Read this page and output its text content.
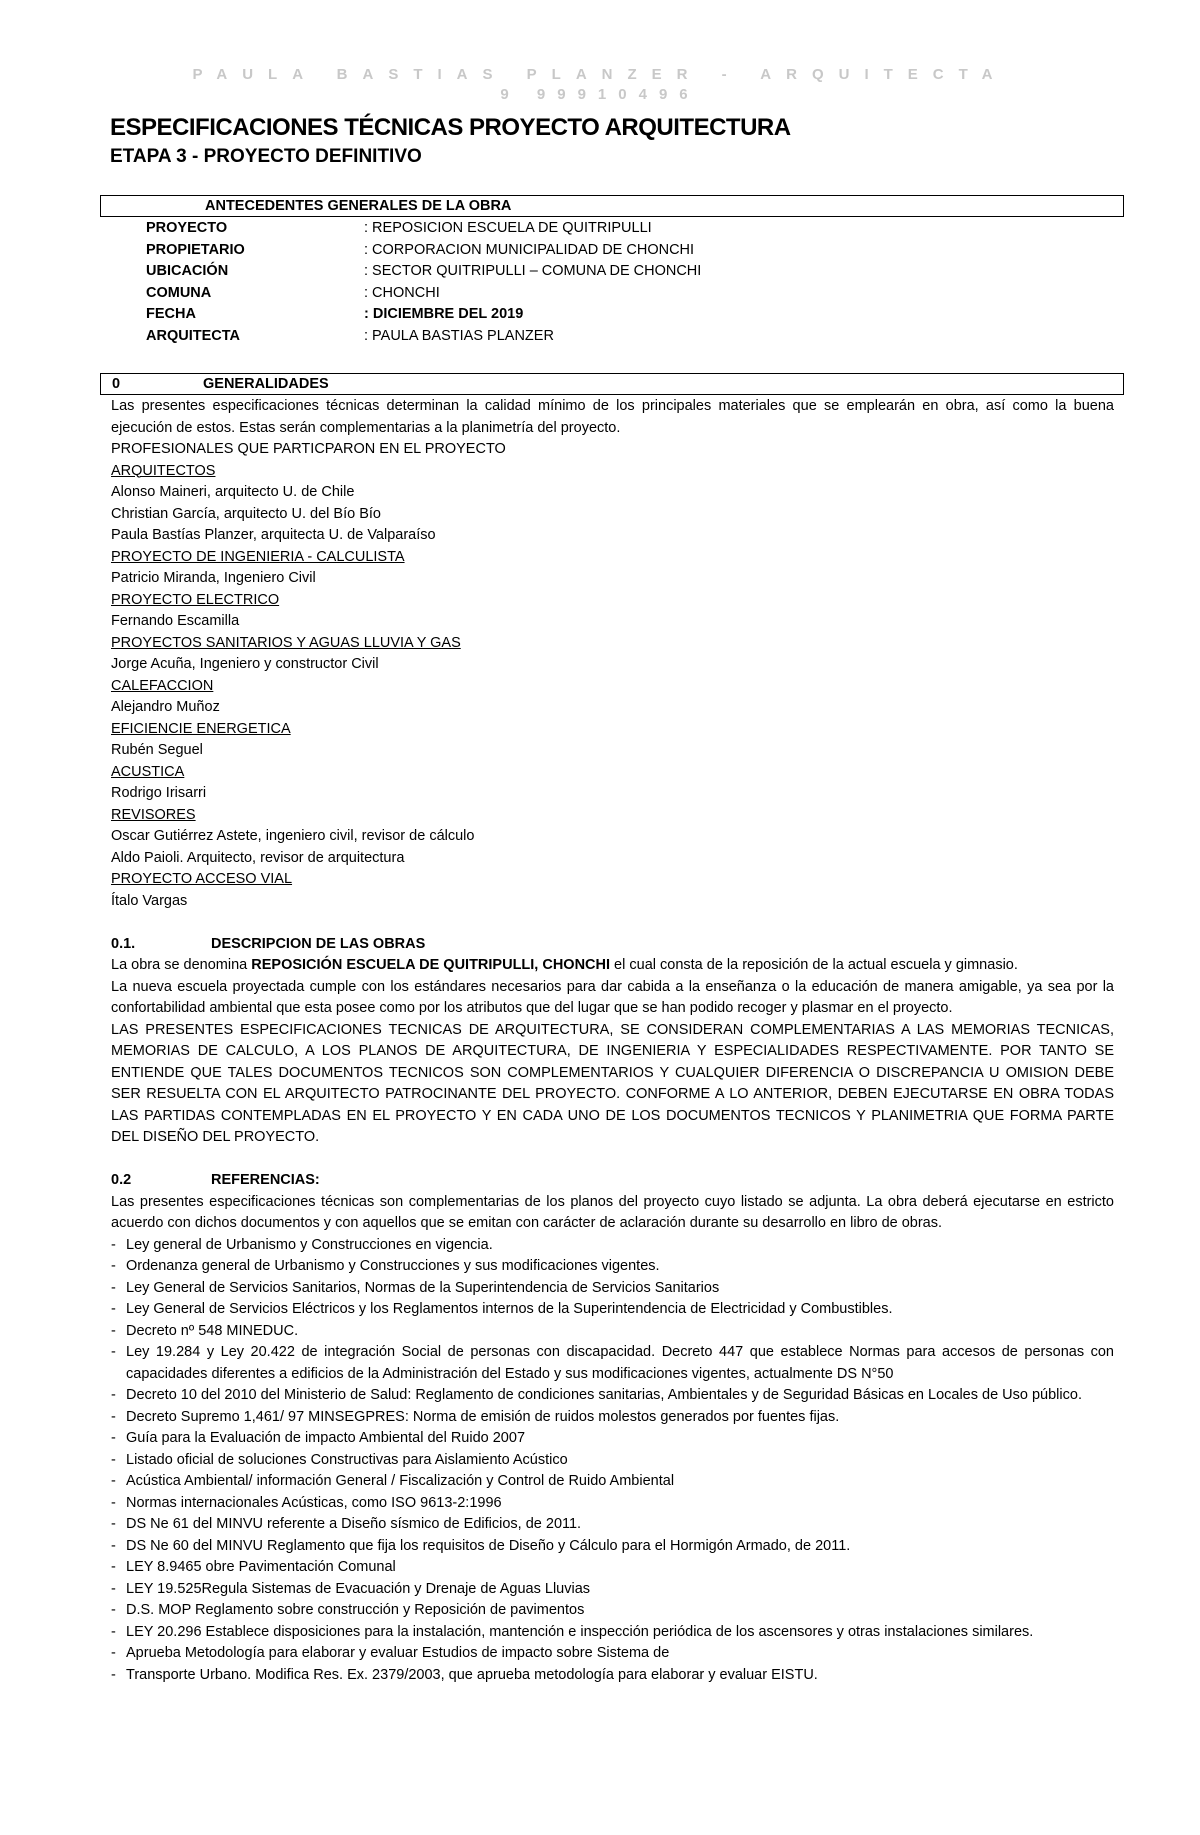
PAULA BASTIAS PLANZER - ARQUITECTA
9 99910496
ESPECIFICACIONES TÉCNICAS PROYECTO ARQUITECTURA
ETAPA 3 - PROYECTO DEFINITIVO
ANTECEDENTES GENERALES DE LA OBRA
PROYECTO	: REPOSICION ESCUELA DE QUITRIPULLI
PROPIETARIO	: CORPORACION MUNICIPALIDAD DE CHONCHI
UBICACIÓN	: SECTOR QUITRIPULLI – COMUNA DE CHONCHI
COMUNA	: CHONCHI
FECHA	: DICIEMBRE DEL 2019
ARQUITECTA	: PAULA BASTIAS PLANZER
0	GENERALIDADES
Las presentes especificaciones técnicas determinan la calidad mínimo de los principales materiales que se emplearán en obra, así como la buena ejecución de estos. Estas serán complementarias a la planimetría del proyecto.
PROFESIONALES QUE PARTICPARON EN EL PROYECTO
ARQUITECTOS
Alonso Maineri, arquitecto U. de Chile
Christian García, arquitecto U. del Bío Bío
Paula Bastías Planzer, arquitecta U. de Valparaíso
PROYECTO DE INGENIERIA - CALCULISTA
Patricio Miranda, Ingeniero Civil
PROYECTO ELECTRICO
Fernando Escamilla
PROYECTOS SANITARIOS Y AGUAS LLUVIA Y GAS
Jorge Acuña, Ingeniero y constructor Civil
CALEFACCION
Alejandro Muñoz
EFICIENCIE ENERGETICA
Rubén Seguel
ACUSTICA
Rodrigo Irisarri
REVISORES
Oscar Gutiérrez Astete, ingeniero civil, revisor de cálculo
Aldo Paioli. Arquitecto, revisor de arquitectura
PROYECTO ACCESO VIAL
Ítalo Vargas
0.1.	DESCRIPCION DE LAS OBRAS
La obra se denomina REPOSICIÓN ESCUELA DE QUITRIPULLI, CHONCHI el cual consta de la reposición de la actual escuela y gimnasio.
La nueva escuela proyectada cumple con los estándares necesarios para dar cabida a la enseñanza o la educación de manera amigable, ya sea por la confortabilidad ambiental que esta posee como por los atributos que del lugar que se han podido recoger y plasmar en el proyecto.
LAS PRESENTES ESPECIFICACIONES TECNICAS DE ARQUITECTURA, SE CONSIDERAN COMPLEMENTARIAS A LAS MEMORIAS TECNICAS, MEMORIAS DE CALCULO, A LOS PLANOS DE ARQUITECTURA, DE INGENIERIA Y ESPECIALIDADES RESPECTIVAMENTE. POR TANTO SE ENTIENDE QUE TALES DOCUMENTOS TECNICOS SON COMPLEMENTARIOS Y CUALQUIER DIFERENCIA O DISCREPANCIA U OMISION DEBE SER RESUELTA CON EL ARQUITECTO PATROCINANTE DEL PROYECTO. CONFORME A LO ANTERIOR, DEBEN EJECUTARSE EN OBRA TODAS LAS PARTIDAS CONTEMPLADAS EN EL PROYECTO Y EN CADA UNO DE LOS DOCUMENTOS TECNICOS Y PLANIMETRIA QUE FORMA PARTE DEL DISEÑO DEL PROYECTO.
0.2	REFERENCIAS:
Las presentes especificaciones técnicas son complementarias de los planos del proyecto cuyo listado se adjunta. La obra deberá ejecutarse en estricto acuerdo con dichos documentos y con aquellos que se emitan con carácter de aclaración durante su desarrollo en libro de obras.
- Ley general de Urbanismo y Construcciones en vigencia.
- Ordenanza general de Urbanismo y Construcciones y sus modificaciones vigentes.
- Ley General de Servicios Sanitarios, Normas de la Superintendencia de Servicios Sanitarios
- Ley General de Servicios Eléctricos y los Reglamentos internos de la Superintendencia de Electricidad y Combustibles.
- Decreto nº 548 MINEDUC.
- Ley 19.284 y Ley 20.422 de integración Social de personas con discapacidad. Decreto 447 que establece Normas para accesos de personas con capacidades diferentes a edificios de la Administración del Estado y sus modificaciones vigentes, actualmente DS N°50
- Decreto 10 del 2010 del Ministerio de Salud: Reglamento de condiciones sanitarias, Ambientales y de Seguridad Básicas en Locales de Uso público.
- Decreto Supremo 1,461/ 97 MINSEGPRES: Norma de emisión de ruidos molestos generados por fuentes fijas.
- Guía para la Evaluación de impacto Ambiental del Ruido 2007
- Listado oficial de soluciones Constructivas para Aislamiento Acústico
- Acústica Ambiental/ información General / Fiscalización y Control de Ruido Ambiental
- Normas internacionales Acústicas, como ISO 9613-2:1996
- DS Ne 61 del MINVU referente a Diseño sísmico de Edificios, de 2011.
- DS Ne 60 del MINVU Reglamento que fija los requisitos de Diseño y Cálculo para el Hormigón Armado, de 2011.
- LEY 8.9465 obre Pavimentación Comunal
- LEY 19.525Regula Sistemas de Evacuación y Drenaje de Aguas Lluvias
- D.S. MOP Reglamento sobre construcción y Reposición de pavimentos
- LEY 20.296 Establece disposiciones para la instalación, mantención e inspección periódica de los ascensores y otras instalaciones similares.
- Aprueba Metodología para elaborar y evaluar Estudios de impacto sobre Sistema de
- Transporte Urbano. Modifica Res. Ex. 2379/2003, que aprueba metodología para elaborar y evaluar EISTU.
